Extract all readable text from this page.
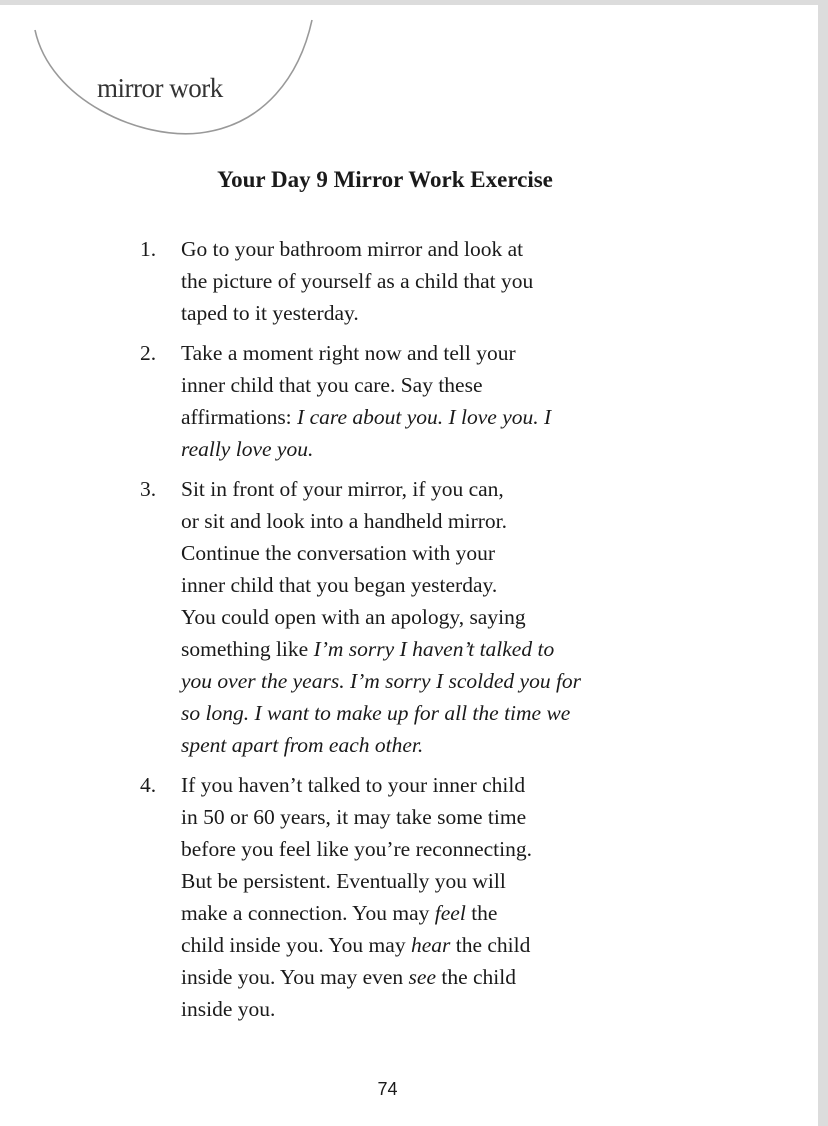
mirror work
Your Day 9 Mirror Work Exercise
1. Go to your bathroom mirror and look at
the picture of yourself as a child that you
taped to it yesterday.
2. Take a moment right now and tell your
inner child that you care. Say these
affirmations: I care about you. I love you. I
really love you.
3. Sit in front of your mirror, if you can,
or sit and look into a handheld mirror.
Continue the conversation with your
inner child that you began yesterday.
You could open with an apology, saying
something like I’m sorry I haven’t talked to
you over the years. I’m sorry I scolded you for
so long. I want to make up for all the time we
spent apart from each other.
4. If you haven’t talked to your inner child
in 50 or 60 years, it may take some time
before you feel like you’re reconnecting.
But be persistent. Eventually you will
make a connection. You may feel the
child inside you. You may hear the child
inside you. You may even see the child
inside you.
74
